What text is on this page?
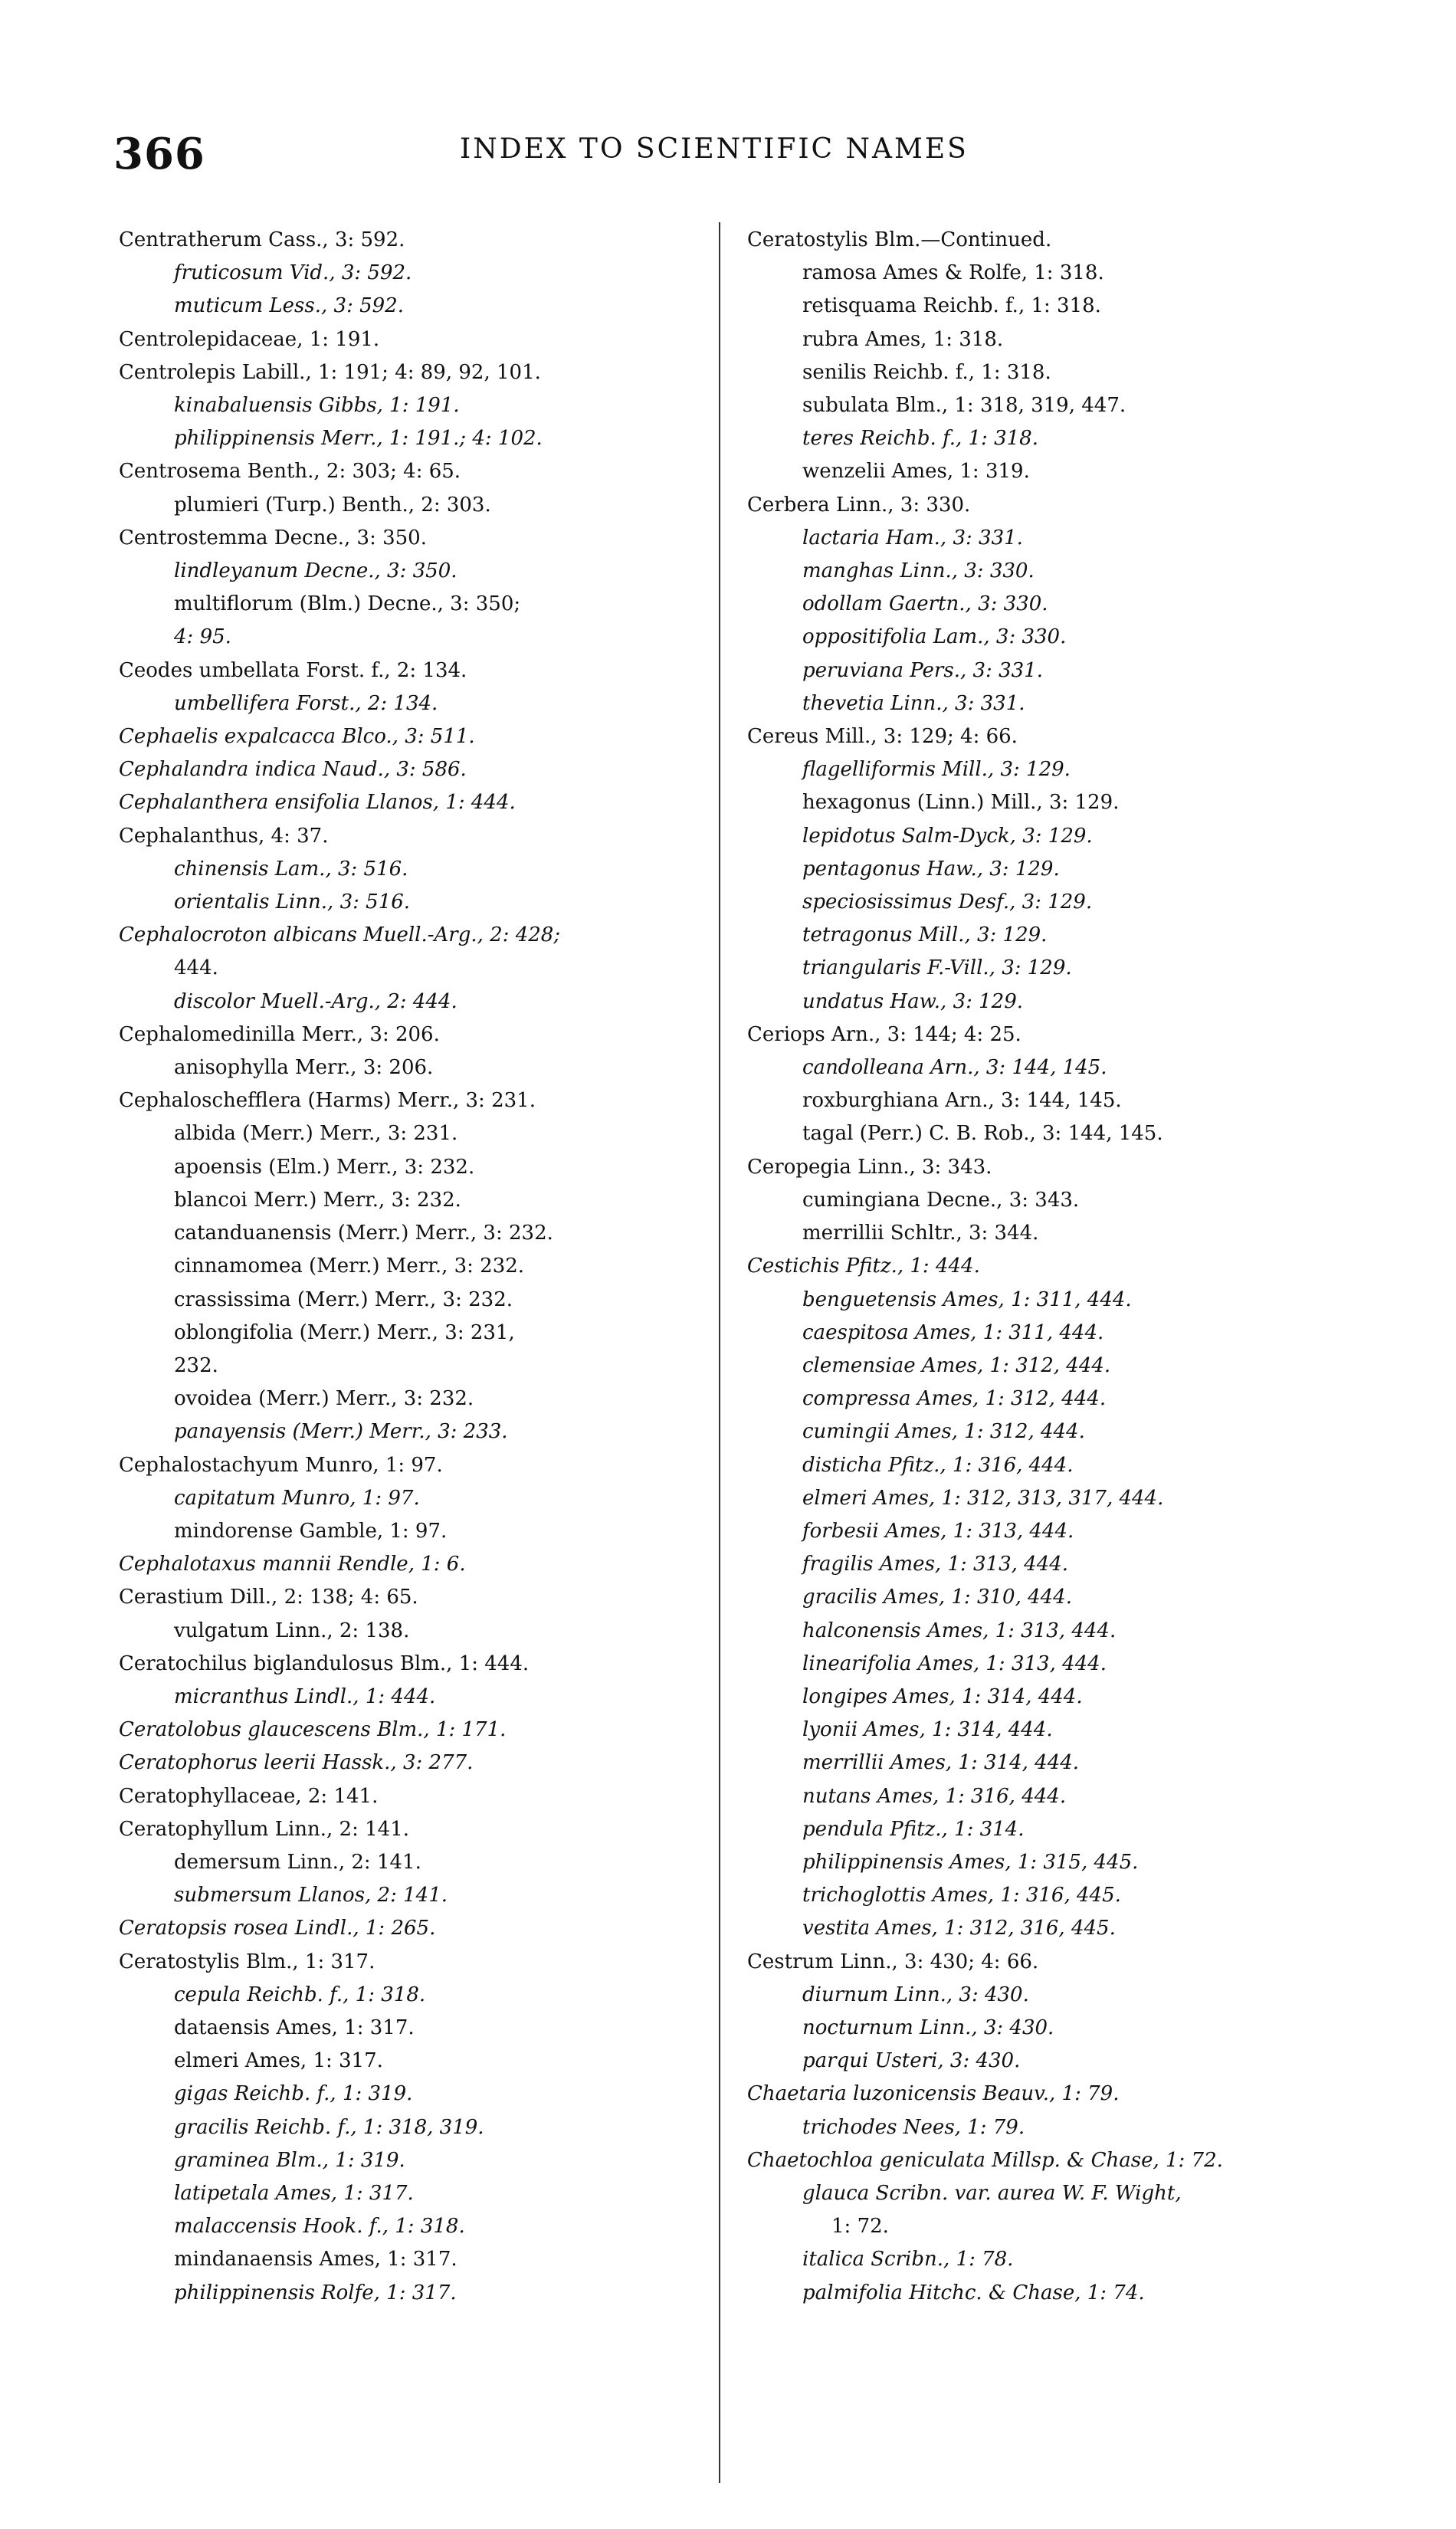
366	INDEX TO SCIENTIFIC NAMES
Centratherum Cass., 3: 592.
fruticosum Vid., 3: 592.
muticum Less., 3: 592.
Centrolepidaceae, 1: 191.
Centrolepis Labill., 1: 191; 4: 89, 92, 101.
kinabaluensis Gibbs, 1: 191.
philippinensis Merr., 1: 191.; 4: 102.
Centrosema Benth., 2: 303; 4: 65.
plumieri (Turp.) Benth., 2: 303.
Centrostemma Decne., 3: 350.
lindleyanum Decne., 3: 350.
multiflorum (Blm.) Decne., 3: 350;
4: 95.
Ceodes umbellata Forst. f., 2: 134.
umbellifera Forst., 2: 134.
Cephaelis expalcacca Blco., 3: 511.
Cephalandra indica Naud., 3: 586.
Cephalanthera ensifolia Llanos, 1: 444.
Cephalanthus, 4: 37.
chinensis Lam., 3: 516.
orientalis Linn., 3: 516.
Cephalocroton albicans Muell.-Arg., 2: 428;
444.
discolor Muell.-Arg., 2: 444.
Cephalomedinilla Merr., 3: 206.
anisophylla Merr., 3: 206.
Cephaloschefflera (Harms) Merr., 3: 231.
albida (Merr.) Merr., 3: 231.
apoensis (Elm.) Merr., 3: 232.
blancoi Merr.) Merr., 3: 232.
catanduanensis (Merr.) Merr., 3: 232.
cinnamomea (Merr.) Merr., 3: 232.
crassissima (Merr.) Merr., 3: 232.
oblongifolia (Merr.) Merr., 3: 231,
232.
ovoidea (Merr.) Merr., 3: 232.
panayensis (Merr.) Merr., 3: 233.
Cephalostachyum Munro, 1: 97.
capitatum Munro, 1: 97.
mindorense Gamble, 1: 97.
Cephalotaxus mannii Rendle, 1: 6.
Cerastium Dill., 2: 138; 4: 65.
vulgatum Linn., 2: 138.
Ceratochilus biglandulosus Blm., 1: 444.
micranthus Lindl., 1: 444.
Ceratolobus glaucescens Blm., 1: 171.
Ceratophorus leerii Hassk., 3: 277.
Ceratophyllaceae, 2: 141.
Ceratophyllum Linn., 2: 141.
demersum Linn., 2: 141.
submersum Llanos, 2: 141.
Ceratopsis rosea Lindl., 1: 265.
Ceratostylis Blm., 1: 317.
cepula Reichb. f., 1: 318.
dataensis Ames, 1: 317.
elmeri Ames, 1: 317.
gigas Reichb. f., 1: 319.
gracilis Reichb. f., 1: 318, 319.
graminea Blm., 1: 319.
latipetala Ames, 1: 317.
malaccensis Hook. f., 1: 318.
mindanaensis Ames, 1: 317.
philippinensis Rolfe, 1: 317.
Ceratostylis Blm.—Continued.
ramosa Ames & Rolfe, 1: 318.
retisquama Reichb. f., 1: 318.
rubra Ames, 1: 318.
senilis Reichb. f., 1: 318.
subulata Blm., 1: 318, 319, 447.
teres Reichb. f., 1: 318.
wenzelii Ames, 1: 319.
Cerbera Linn., 3: 330.
lactaria Ham., 3: 331.
manghas Linn., 3: 330.
odollam Gaertn., 3: 330.
oppositifolia Lam., 3: 330.
peruviana Pers., 3: 331.
thevetia Linn., 3: 331.
Cereus Mill., 3: 129; 4: 66.
flagelliformis Mill., 3: 129.
hexagonus (Linn.) Mill., 3: 129.
lepidotus Salm-Dyck, 3: 129.
pentagonus Haw., 3: 129.
speciosissimus Desf., 3: 129.
tetragonus Mill., 3: 129.
triangularis F.-Vill., 3: 129.
undatus Haw., 3: 129.
Ceriops Arn., 3: 144; 4: 25.
candolleana Arn., 3: 144, 145.
roxburghiana Arn., 3: 144, 145.
tagal (Perr.) C. B. Rob., 3: 144, 145.
Ceropegia Linn., 3: 343.
cumingiana Decne., 3: 343.
merrillii Schltr., 3: 344.
Cestichis Pfitz., 1: 444.
benguetensis Ames, 1: 311, 444.
caespitosa Ames, 1: 311, 444.
clemensiae Ames, 1: 312, 444.
compressa Ames, 1: 312, 444.
cumingii Ames, 1: 312, 444.
disticha Pfitz., 1: 316, 444.
elmeri Ames, 1: 312, 313, 317, 444.
forbesii Ames, 1: 313, 444.
fragilis Ames, 1: 313, 444.
gracilis Ames, 1: 310, 444.
halconensis Ames, 1: 313, 444.
linearifolia Ames, 1: 313, 444.
longipes Ames, 1: 314, 444.
lyonii Ames, 1: 314, 444.
merrillii Ames, 1: 314, 444.
nutans Ames, 1: 316, 444.
pendula Pfitz., 1: 314.
philippinensis Ames, 1: 315, 445.
trichoglottis Ames, 1: 316, 445.
vestita Ames, 1: 312, 316, 445.
Cestrum Linn., 3: 430; 4: 66.
diurnum Linn., 3: 430.
nocturnum Linn., 3: 430.
parqui Usteri, 3: 430.
Chaetaria luzonicensis Beauv., 1: 79.
trichodes Nees, 1: 79.
Chaetochloa geniculata Millsp. & Chase, 1: 72.
glauca Scribn. var. aurea W. F. Wight,
1: 72.
italica Scribn., 1: 78.
palmifolia Hitchc. & Chase, 1: 74.
